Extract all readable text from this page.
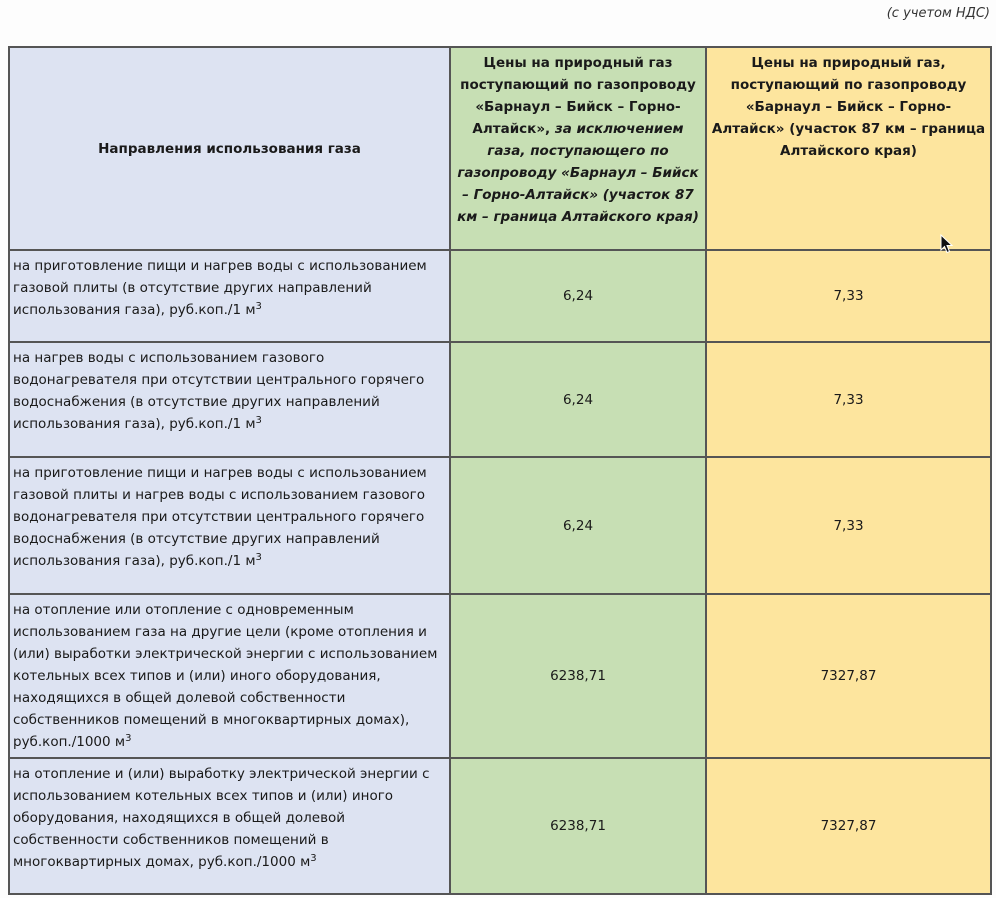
(с учетом НДС)
Направления использования газа	Цены на природный газ поступающий по газопроводу «Барнаул – Бийск – Горно-Алтайск», за исключением газа, поступающего по газопроводу «Барнаул – Бийск – Горно-Алтайск» (участок 87 км – граница Алтайского края)	Цены на природный газ, поступающий по газопроводу «Барнаул – Бийск – Горно-Алтайск» (участок 87 км – граница Алтайского края)
на приготовление пищи и нагрев воды с использованием газовой плиты (в отсутствие других направлений использования газа), руб.коп./1 $м^3$	6,24	7,33
на нагрев воды с использованием газового водонагревателя при отсутствии центрального горячего водоснабжения (в отсутствие других направлений использования газа), руб.коп./1 $м^3$	6,24	7,33
на приготовление пищи и нагрев воды с использованием газовой плиты и нагрев воды с использованием газового водонагревателя при отсутствии центрального горячего водоснабжения (в отсутствие других направлений использования газа), руб.коп./1 $м^3$	6,24	7,33
на отопление или отопление с одновременным использованием газа на другие цели (кроме отопления и (или) выработки электрической энергии с использованием котельных всех типов и (или) иного оборудования, находящихся в общей долевой собственности собственников помещений в многоквартирных домах), руб.коп./1000 $м^3$	6238,71	7327,87
на отопление и (или) выработку электрической энергии с использованием котельных всех типов и (или) иного оборудования, находящихся в общей долевой собственности собственников помещений в многоквартирных домах, руб.коп./1000 $м^3$	6238,71	7327,87
